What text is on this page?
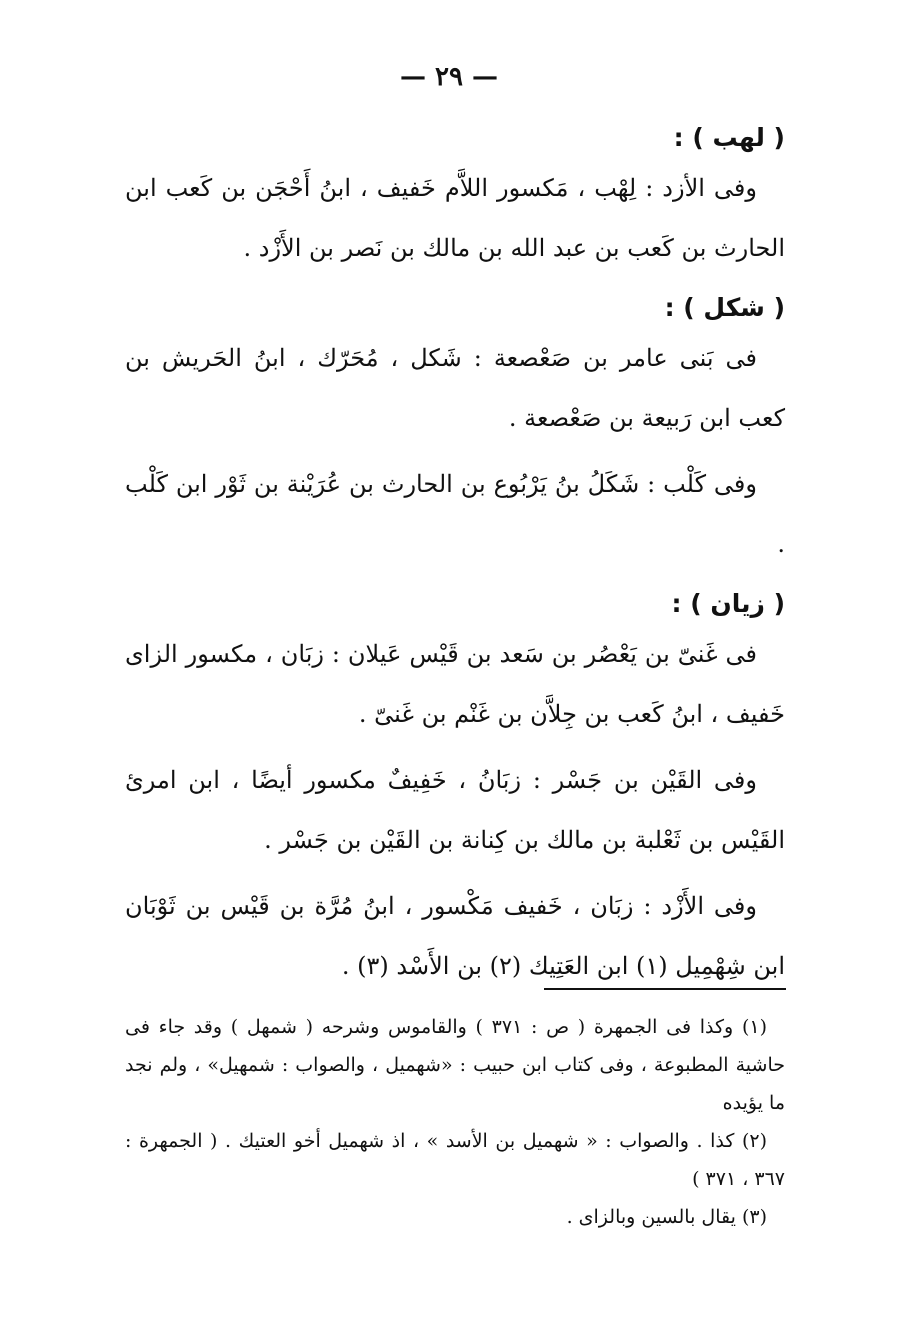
— ٢٩ —
( لهب ) :

وفى الأزد : لِهْب ، مَكسور اللاَّم خَفيف ، ابنُ أَحْجَن بن كَعب ابن الحارث بن كَعب بن عبد الله بن مالك بن نَصر بن الأَزْد .

( شكل ) :

فى بَنى عامر بن صَعْصعة : شَكل ، مُحَرّك ، ابنُ الحَريش بن كعب ابن رَبيعة بن صَعْصعة .

وفى كَلْب : شَكَلُ بنُ يَرْبُوع بن الحارث بن عُرَيْنة بن ثَوْر ابن كَلْب .

( زيان ) :

فى غَنىّ بن يَعْصُر بن سَعد بن قَيْس عَيلان : زبَان ، مكسور الزاى خَفيف ، ابنُ كَعب بن جِلاَّن بن غَنْم بن غَنىّ .

وفى القَيْن بن جَسْر : زبَانُ ، خَفِيفٌ مكسور أيضًا ، ابن امرئ القَيْس بن ثَعْلبة بن مالك بن كِنانة بن القَيْن بن جَسْر .

وفى الأَزْد : زبَان ، خَفيف مَكْسور ، ابنُ مُرَّة بن قَيْس بن ثَوْبَان ابن شِهْمِيل (١) ابن العَتِيك (٢) بن الأَسْد (٣) .

(١) وكذا فى الجمهرة ( ص : ٣٧١ ) والقاموس وشرحه ( شمهل ) وقد جاء فى حاشية المطبوعة ، وفى كتاب ابن حبيب : «شهميل ، والصواب : شمهيل» ، ولم نجد ما يؤيده

(٢) كذا . والصواب : « شهميل بن الأسد » ، اذ شهميل أخو العتيك . ( الجمهرة : ٣٦٧ ، ٣٧١ )

(٣) يقال بالسين وبالزاى .
